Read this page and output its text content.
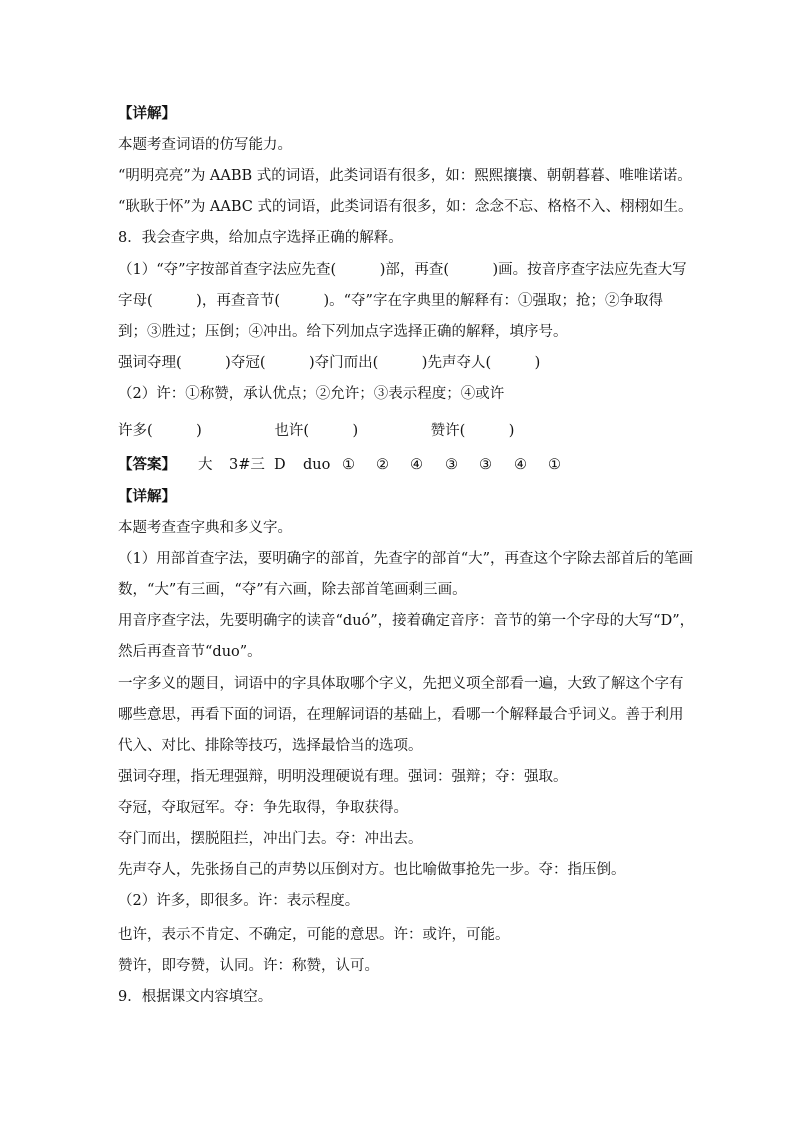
【详解】
本题考查词语的仿写能力。
“明明亮亮”为 AABB 式的词语，此类词语有很多，如：熙熙攘攘、朝朝暮暮、唯唯诺诺。
“耿耿于怀”为 AABC 式的词语，此类词语有很多，如：念念不忘、格格不入、栩栩如生。
8．我会查字典，给加点字选择正确的解释。
（1）“夺”字按部首查字法应先查(　　　)部，再查(　　　)画。按音序查字法应先查大写
字母(　　　)，再查音节(　　　)。“夺”字在字典里的解释有：①强取；抢；②争取得
到；③胜过；压倒；④冲出。给下列加点字选择正确的解释，填序号。
强词夺理(　　　)夺冠(　　　)夺门而出(　　　)先声夺人(　　　)
（2）许：①称赞，承认优点；②允许；③表示程度；④或许
许多(　　　)　　　　　也许(　　　)　　　　　赞许(　　　)
【答案】 大 3#三 D duo ① ② ④ ③ ③ ④ ①
【详解】
本题考查查字典和多义字。
（1）用部首查字法，要明确字的部首，先查字的部首“大”，再查这个字除去部首后的笔画
数，“大”有三画，“夺”有六画，除去部首笔画剩三画。
用音序查字法，先要明确字的读音“duó”，接着确定音序：音节的第一个字母的大写“D”，
然后再查音节“duo”。
一字多义的题目，词语中的字具体取哪个字义，先把义项全部看一遍，大致了解这个字有
哪些意思，再看下面的词语，在理解词语的基础上，看哪一个解释最合乎词义。善于利用
代入、对比、排除等技巧，选择最恰当的选项。
强词夺理，指无理强辩，明明没理硬说有理。强词：强辩；夺：强取。
夺冠，夺取冠军。夺：争先取得，争取获得。
夺门而出，摆脱阻拦，冲出门去。夺：冲出去。
先声夺人，先张扬自己的声势以压倒对方。也比喻做事抢先一步。夺：指压倒。
（2）许多，即很多。许：表示程度。
也许，表示不肯定、不确定，可能的意思。许：或许，可能。
赞许，即夸赞，认同。许：称赞，认可。
9．根据课文内容填空。
